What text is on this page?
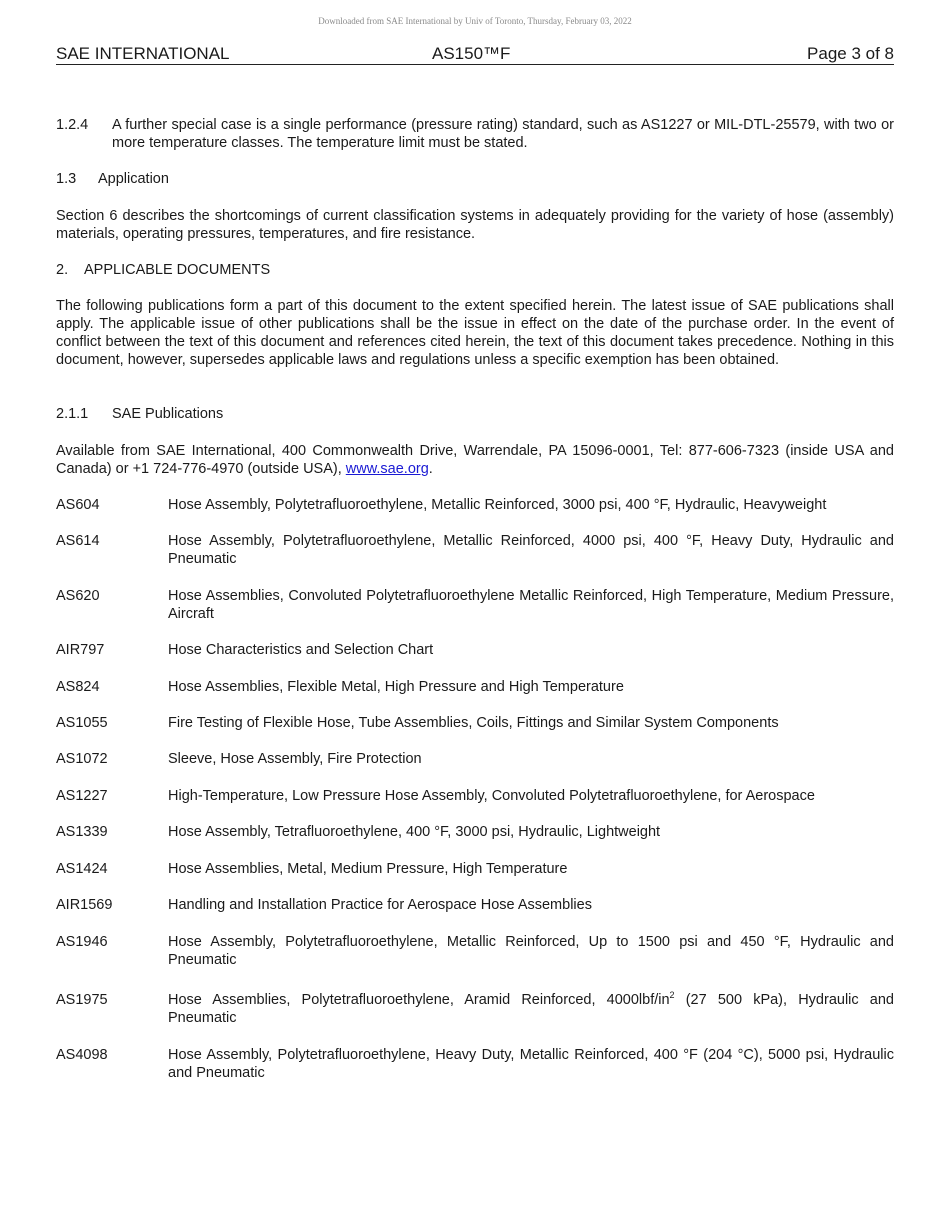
Downloaded from SAE International by Univ of Toronto, Thursday, February 03, 2022
SAE INTERNATIONAL	AS150™F	Page 3 of 8
1.2.4	A further special case is a single performance (pressure rating) standard, such as AS1227 or MIL-DTL-25579, with two or more temperature classes. The temperature limit must be stated.
1.3	Application
Section 6 describes the shortcomings of current classification systems in adequately providing for the variety of hose (assembly) materials, operating pressures, temperatures, and fire resistance.
2.	APPLICABLE DOCUMENTS
The following publications form a part of this document to the extent specified herein. The latest issue of SAE publications shall apply. The applicable issue of other publications shall be the issue in effect on the date of the purchase order. In the event of conflict between the text of this document and references cited herein, the text of this document takes precedence. Nothing in this document, however, supersedes applicable laws and regulations unless a specific exemption has been obtained.
2.1.1	SAE Publications
Available from SAE International, 400 Commonwealth Drive, Warrendale, PA 15096-0001, Tel: 877-606-7323 (inside USA and Canada) or +1 724-776-4970 (outside USA), www.sae.org.
AS604	Hose Assembly, Polytetrafluoroethylene, Metallic Reinforced, 3000 psi, 400 °F, Hydraulic, Heavyweight
AS614	Hose Assembly, Polytetrafluoroethylene, Metallic Reinforced, 4000 psi, 400 °F, Heavy Duty, Hydraulic and Pneumatic
AS620	Hose Assemblies, Convoluted Polytetrafluoroethylene Metallic Reinforced, High Temperature, Medium Pressure, Aircraft
AIR797	Hose Characteristics and Selection Chart
AS824	Hose Assemblies, Flexible Metal, High Pressure and High Temperature
AS1055	Fire Testing of Flexible Hose, Tube Assemblies, Coils, Fittings and Similar System Components
AS1072	Sleeve, Hose Assembly, Fire Protection
AS1227	High-Temperature, Low Pressure Hose Assembly, Convoluted Polytetrafluoroethylene, for Aerospace
AS1339	Hose Assembly, Tetrafluoroethylene, 400 °F, 3000 psi, Hydraulic, Lightweight
AS1424	Hose Assemblies, Metal, Medium Pressure, High Temperature
AIR1569	Handling and Installation Practice for Aerospace Hose Assemblies
AS1946	Hose Assembly, Polytetrafluoroethylene, Metallic Reinforced, Up to 1500 psi and 450 °F, Hydraulic and Pneumatic
AS1975	Hose Assemblies, Polytetrafluoroethylene, Aramid Reinforced, $4000lbf/in^2$ (27 500 kPa), Hydraulic and Pneumatic
AS4098	Hose Assembly, Polytetrafluoroethylene, Heavy Duty, Metallic Reinforced, 400 °F (204 °C), 5000 psi, Hydraulic and Pneumatic
